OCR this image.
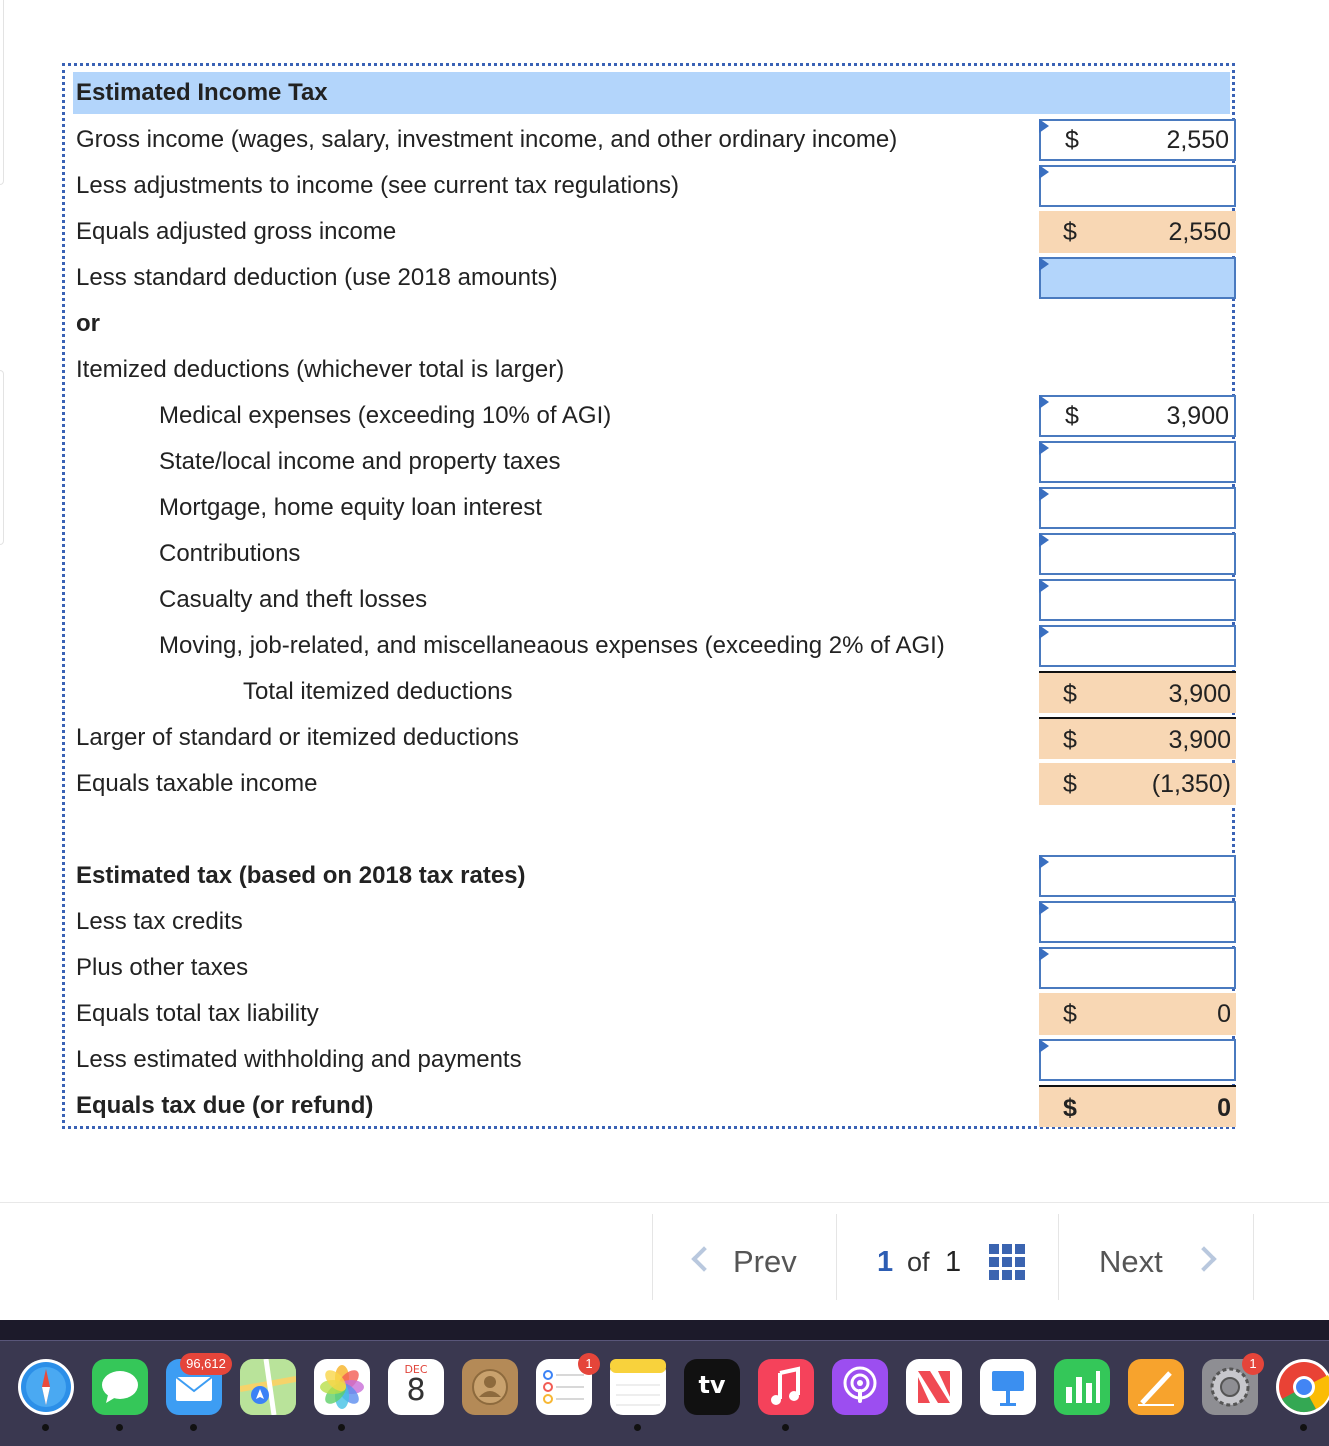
Estimated Income Tax
Gross income (wages, salary, investment income, and other ordinary income)	$	2,550
Less adjustments to income (see current tax regulations)
Equals adjusted gross income	$	2,550
Less standard deduction (use 2018 amounts)
or
Itemized deductions (whichever total is larger)
Medical expenses (exceeding 10% of AGI)	$	3,900
State/local income and property taxes
Mortgage, home equity loan interest
Contributions
Casualty and theft losses
Moving, job-related, and miscellaneaous expenses (exceeding 2% of AGI)
Total itemized deductions	$	3,900
Larger of standard or itemized deductions	$	3,900
Equals taxable income	$	(1,350)
Estimated tax (based on 2018 tax rates)
Less tax credits
Plus other taxes
Equals total tax liability	$	0
Less estimated withholding and payments
Equals tax due (or refund)	$	0
Prev	1 of 1	Next
96,612	DEC
8
1
tv
1
